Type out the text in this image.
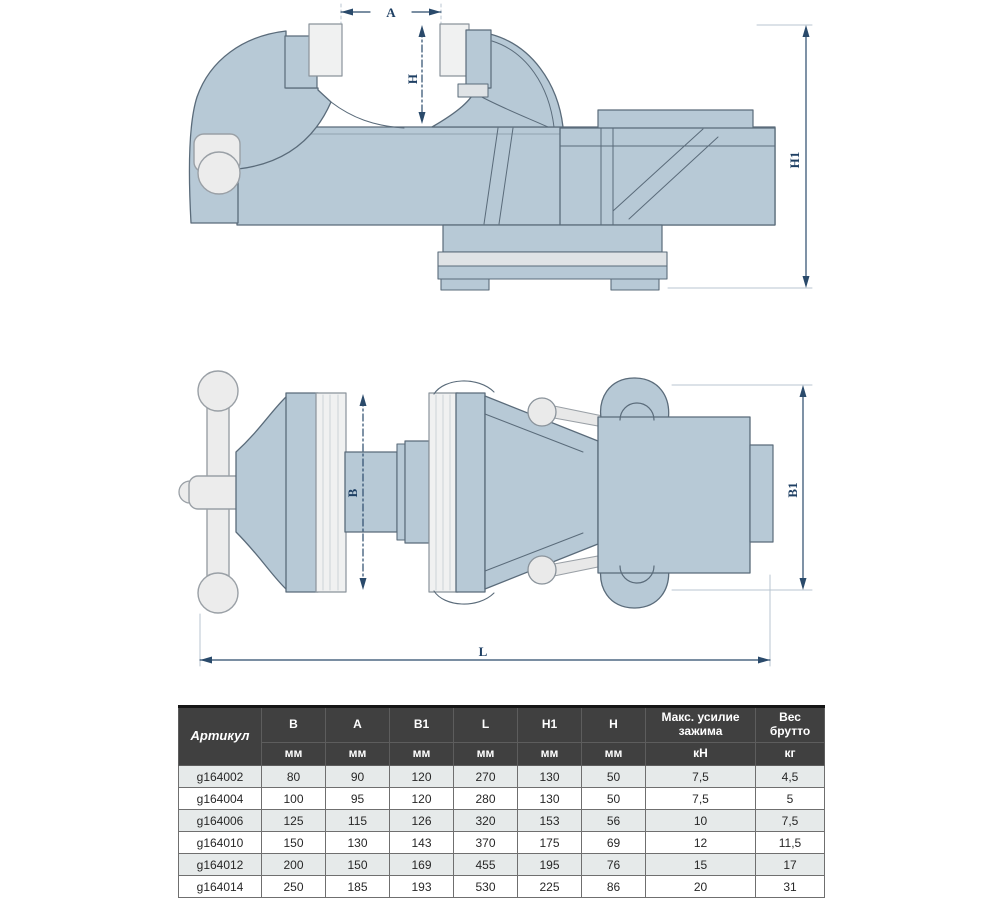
A
H
H1
B	B1
L
Артикул	B	A	B1	L	H1	H	Макс. усилие зажима	Вес брутто
	мм	мм	мм	мм	мм	мм	кН	кг
g164002	80	90	120	270	130	50	7,5	4,5
g164004	100	95	120	280	130	50	7,5	5
g164006	125	115	126	320	153	56	10	7,5
g164010	150	130	143	370	175	69	12	11,5
g164012	200	150	169	455	195	76	15	17
g164014	250	185	193	530	225	86	20	31
